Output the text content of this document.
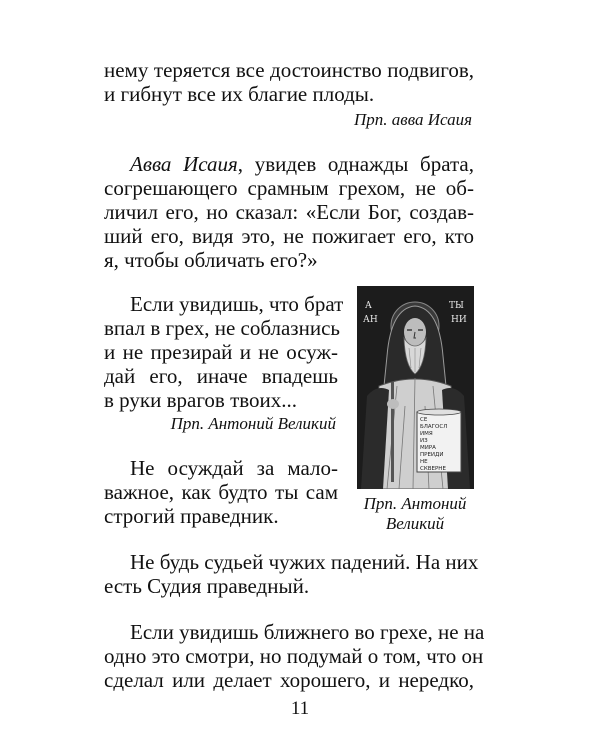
нему теряется все достоинство подвигов,
и гибнут все их благие плоды.
Прп. авва Исаия
Авва Исаия, увидев однажды брата,
согрешающего срамным грехом, не об-
личил его, но сказал: «Если Бог, создав-
ший его, видя это, не пожигает его, кто
я, чтобы обличать его?»
Если увидишь, что брат
впал в грех, не соблазнись
и не презирай и не осуж-
дай его, иначе впадешь
в руки врагов твоих...
Прп. Антоний Великий
Не осуждай за мало-
важное, как будто ты сам
строгий праведник.
СЕ
БЛАГОСЛ
ИМЯ
ИЗ
МИРА
ПРЕИДИ
НЕ
СКВЕРНЕ
А
АН
ТЫ
НИ
Прп. Антоний
Великий
Не будь судьей чужих падений. На них
есть Судия праведный.
Если увидишь ближнего во грехе, не на
одно это смотри, но подумай о том, что он
сделал или делает хорошего, и нередко,
11
